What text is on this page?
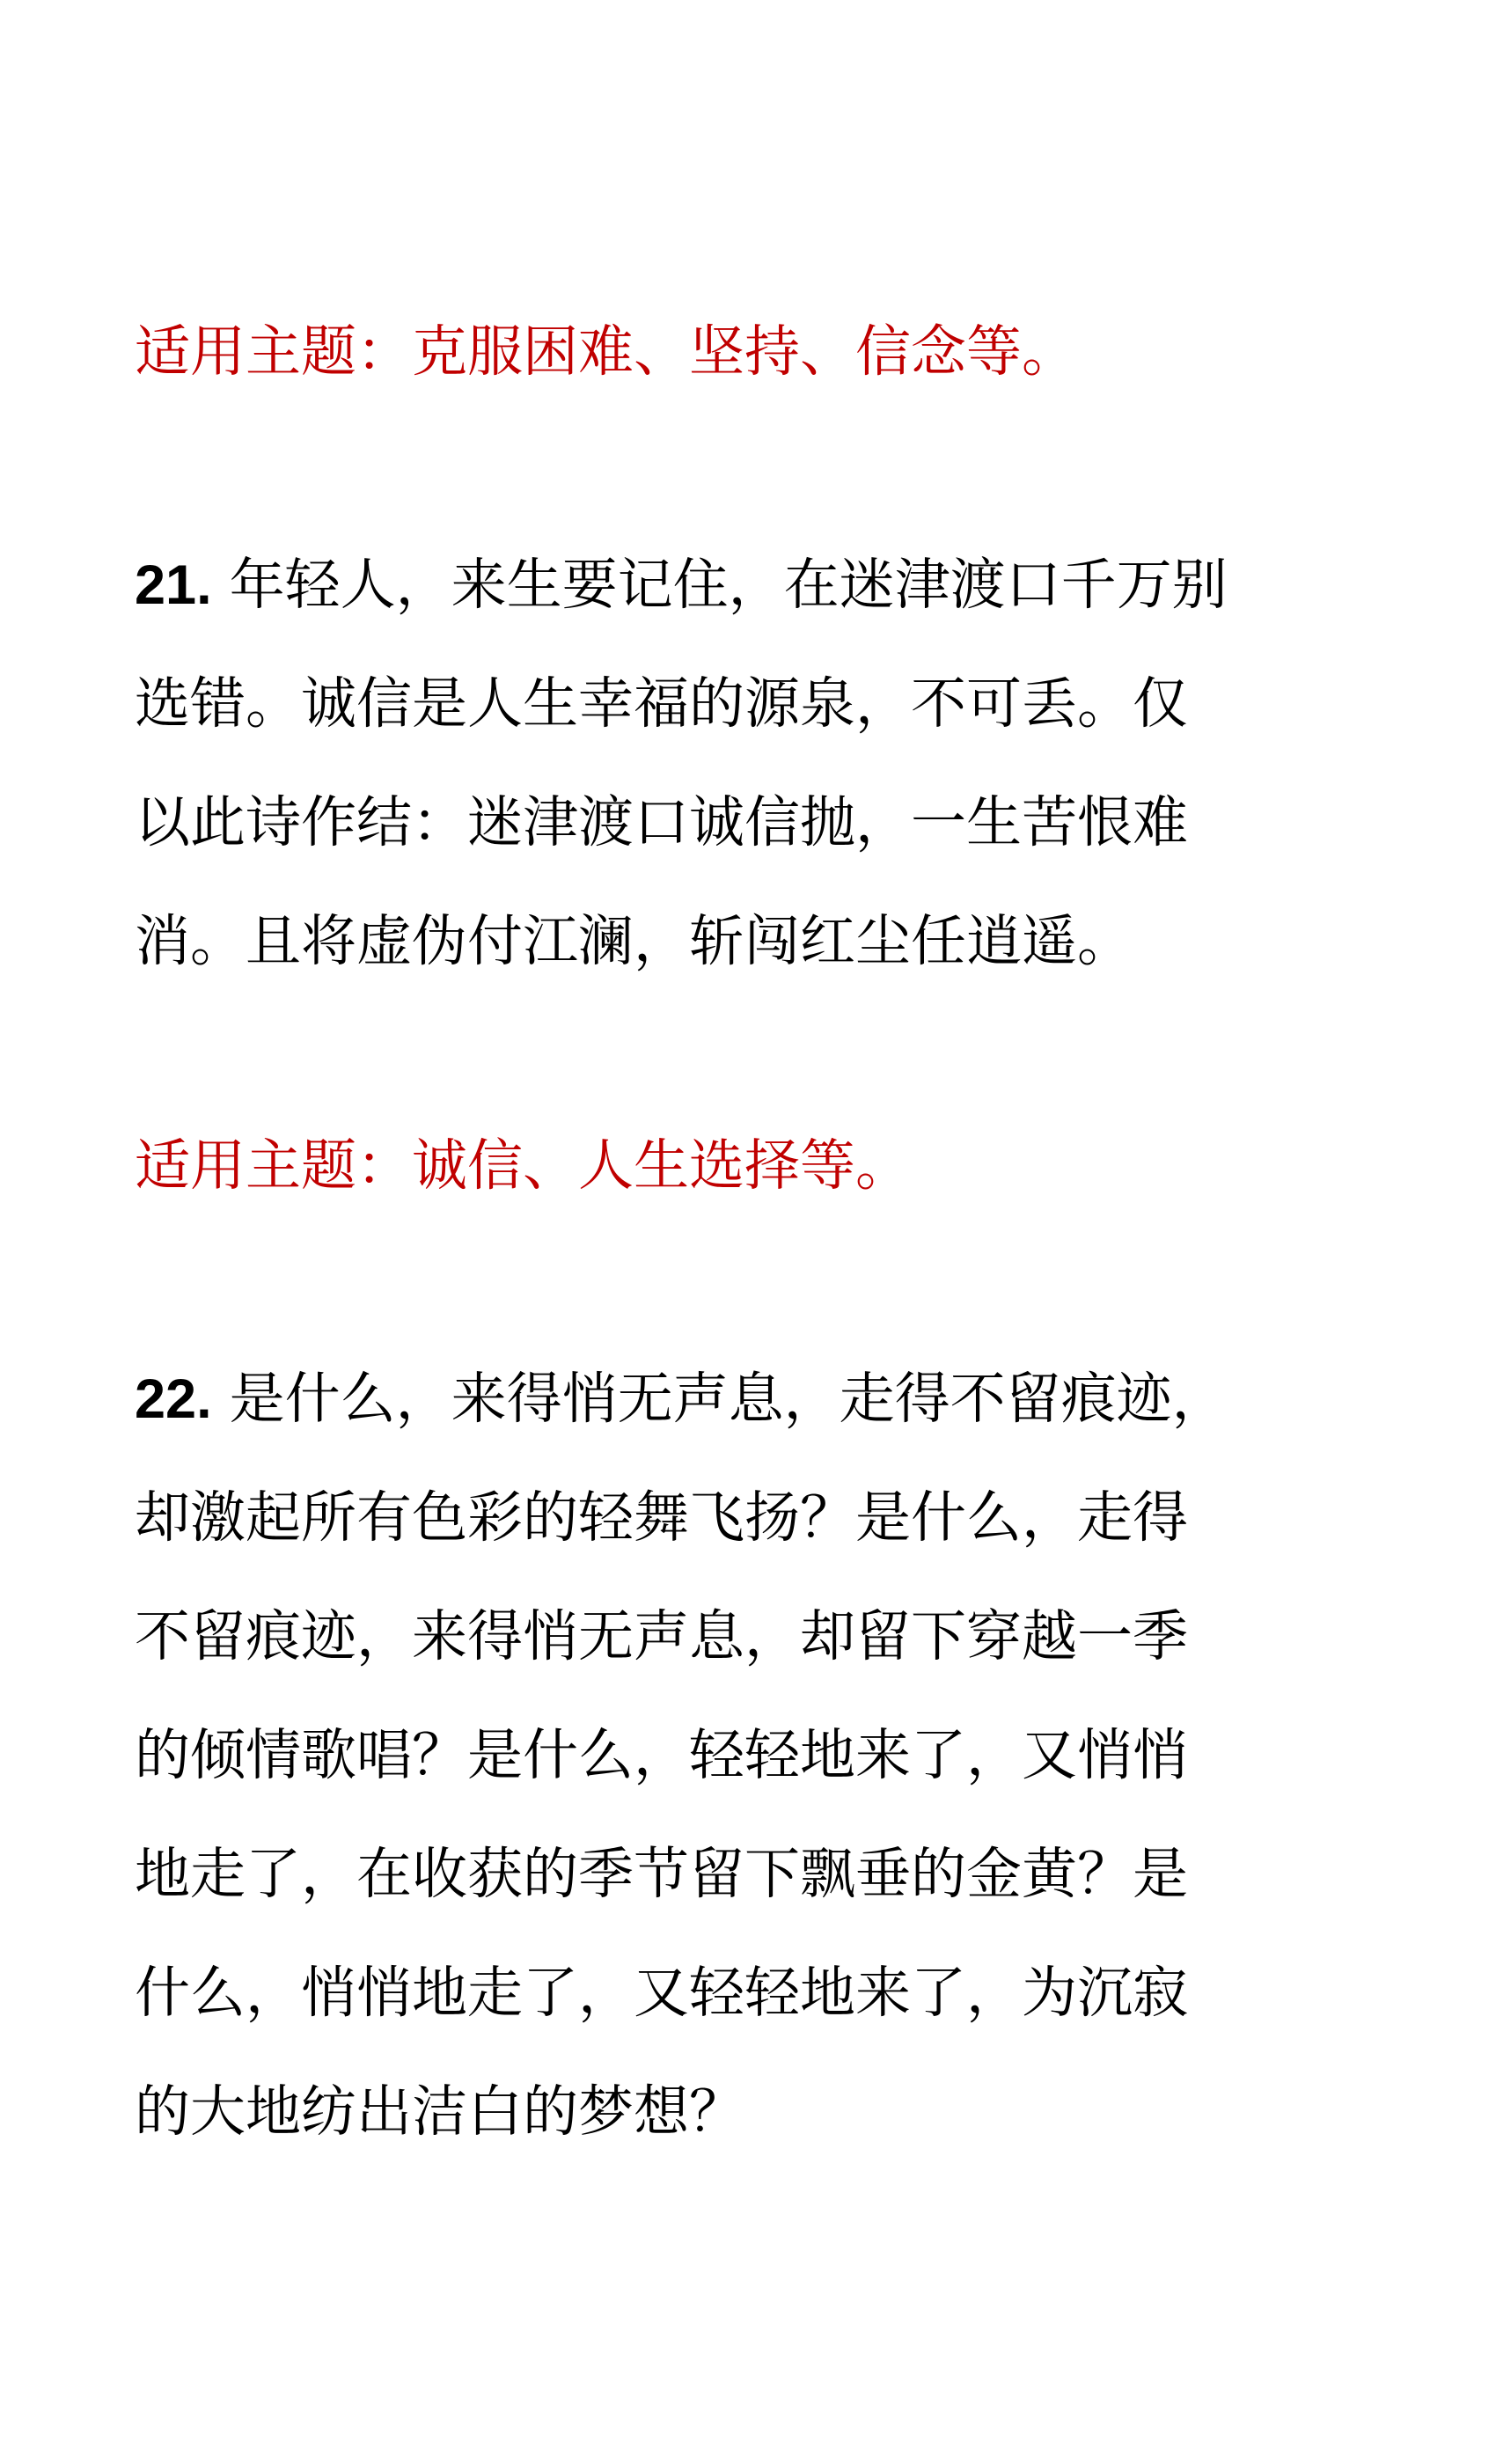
适用主题：克服困难、坚持、信念等。
21. 年轻人，来生要记住，在迷津渡口千万别
选错。诚信是人生幸福的源泉，不可丢。仅
以此诗作结：迷津渡口诚信抛，一生苦恨难
消。且将虚伪付江澜，斩闯红尘任逍遥。
适用主题：诚信、人生选择等。
22. 是什么，来得悄无声息，走得不留痕迹，
却激起所有色彩的轻舞飞扬？是什么，走得
不留痕迹，来得悄无声息，却留下穿越一季
的倾情歌唱？是什么，轻轻地来了，又悄悄
地走了，在收获的季节留下飘垂的金黄？是
什么，悄悄地走了，又轻轻地来了，为沉寂
的大地纺出洁白的梦想？
